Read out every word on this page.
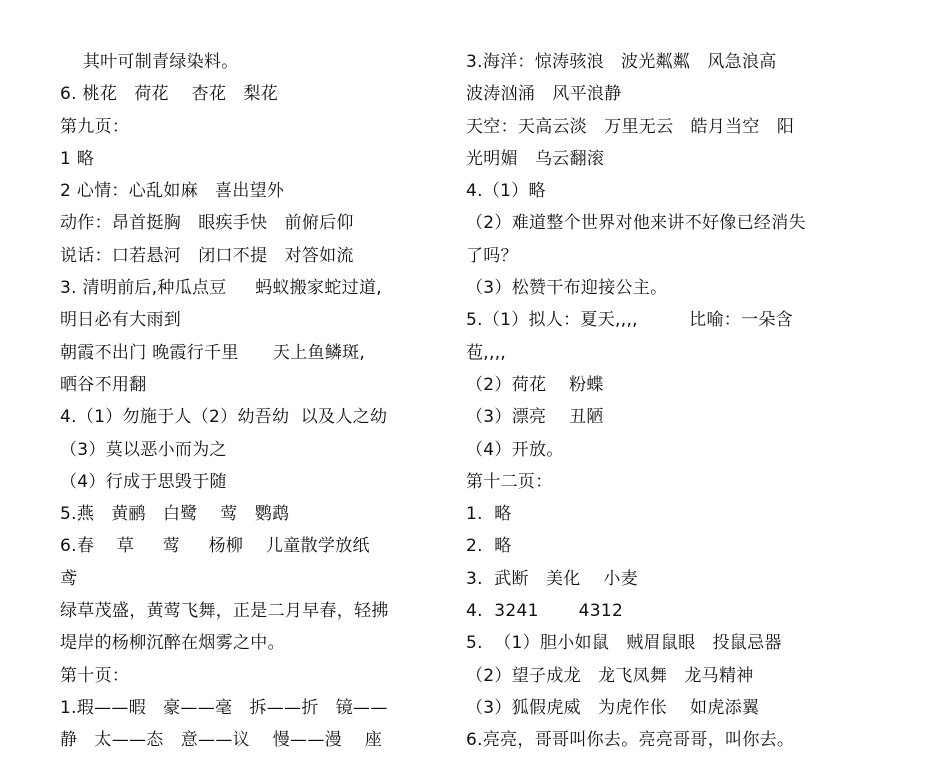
其叶可制青绿染料。
6. 桃花   荷花    杏花   梨花
第九页：
1 略
2 心情：心乱如麻   喜出望外
动作：昂首挺胸   眼疾手快   前俯后仰
说话：口若悬河   闭口不提   对答如流
3. 清明前后,种瓜点豆     蚂蚁搬家蛇过道,
明日必有大雨到
朝霞不出门 晚霞行千里      天上鱼鳞斑,
晒谷不用翻
4.（1）勿施于人（2）幼吾幼  以及人之幼
（3）莫以恶小而为之
（4）行成于思毁于随
5.燕   黄鹂   白鹭    莺   鹦鹉
6.春    草     莺     杨柳    儿童散学放纸
鸢
绿草茂盛，黄莺飞舞，正是二月早春，轻拂
堤岸的杨柳沉醉在烟雾之中。
第十页：
1.瑕——暇   豪——毫   拆——折   镜——
静   太——态   意——议    慢——漫    座
3.海洋：惊涛骇浪   波光粼粼   风急浪高
波涛汹涌   风平浪静
天空：天高云淡   万里无云   皓月当空   阳
光明媚   乌云翻滚
4.（1）略
（2）难道整个世界对他来讲不好像已经消失
了吗？
（3）松赞干布迎接公主。
5.（1）拟人：夏天,,,,         比喻：一朵含
苞,,,,
（2）荷花    粉蝶
（3）漂亮    丑陋
（4）开放。
第十二页：
1.  略
2.  略
3.  武断   美化    小麦
4.  3241       4312
5.  （1）胆小如鼠   贼眉鼠眼   投鼠忌器
（2）望子成龙   龙飞凤舞   龙马精神
（3）狐假虎威   为虎作伥    如虎添翼
6.亮亮，哥哥叫你去。亮亮哥哥，叫你去。
